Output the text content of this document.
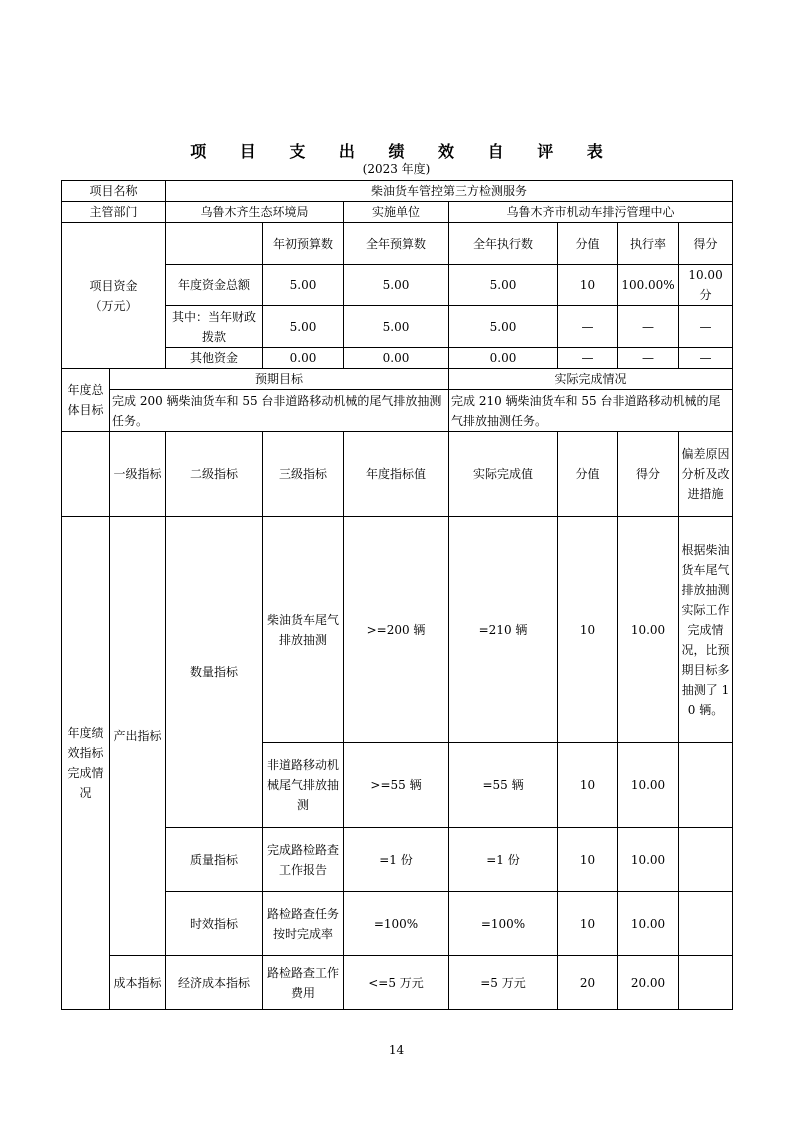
项 目 支 出 绩 效 自 评 表
(2023 年度)
项目名称		柴油货车管控第三方检测服务						
主管部门		乌鲁木齐生态环境局		实施单位	乌鲁木齐市机动车排污管理中心			
项目资金
（万元）			年初预算数	全年预算数	全年执行数	分值	执行率	得分
		年度资金总额	5.00	5.00	5.00	10	100.00%	10.00 分
		其中：当年财政拨款	5.00	5.00	5.00	—	—	—
		其他资金	0.00	0.00	0.00	—	—	—
年度总体目标	预期目标				实际完成情况			
	完成 200 辆柴油货车和 55 台非道路移动机械的尾气排放抽测任务。				完成 210 辆柴油货车和 55 台非道路移动机械的尾气排放抽测任务。			
	一级指标	二级指标	三级指标	年度指标值	实际完成值	分值	得分	偏差原因分析及改进措施
年度绩效指标完成情况	产出指标	数量指标	柴油货车尾气排放抽测	>=200 辆	=210 辆	10	10.00	根据柴油货车尾气排放抽测实际工作完成情况，比预期目标多抽测了 10 辆。
			非道路移动机械尾气排放抽测	>=55 辆	=55 辆	10	10.00	
		质量指标	完成路检路查工作报告	=1 份	=1 份	10	10.00	
		时效指标	路检路查任务按时完成率	=100%	=100%	10	10.00	
	成本指标	经济成本指标	路检路查工作费用	<=5 万元	=5 万元	20	20.00	
14
